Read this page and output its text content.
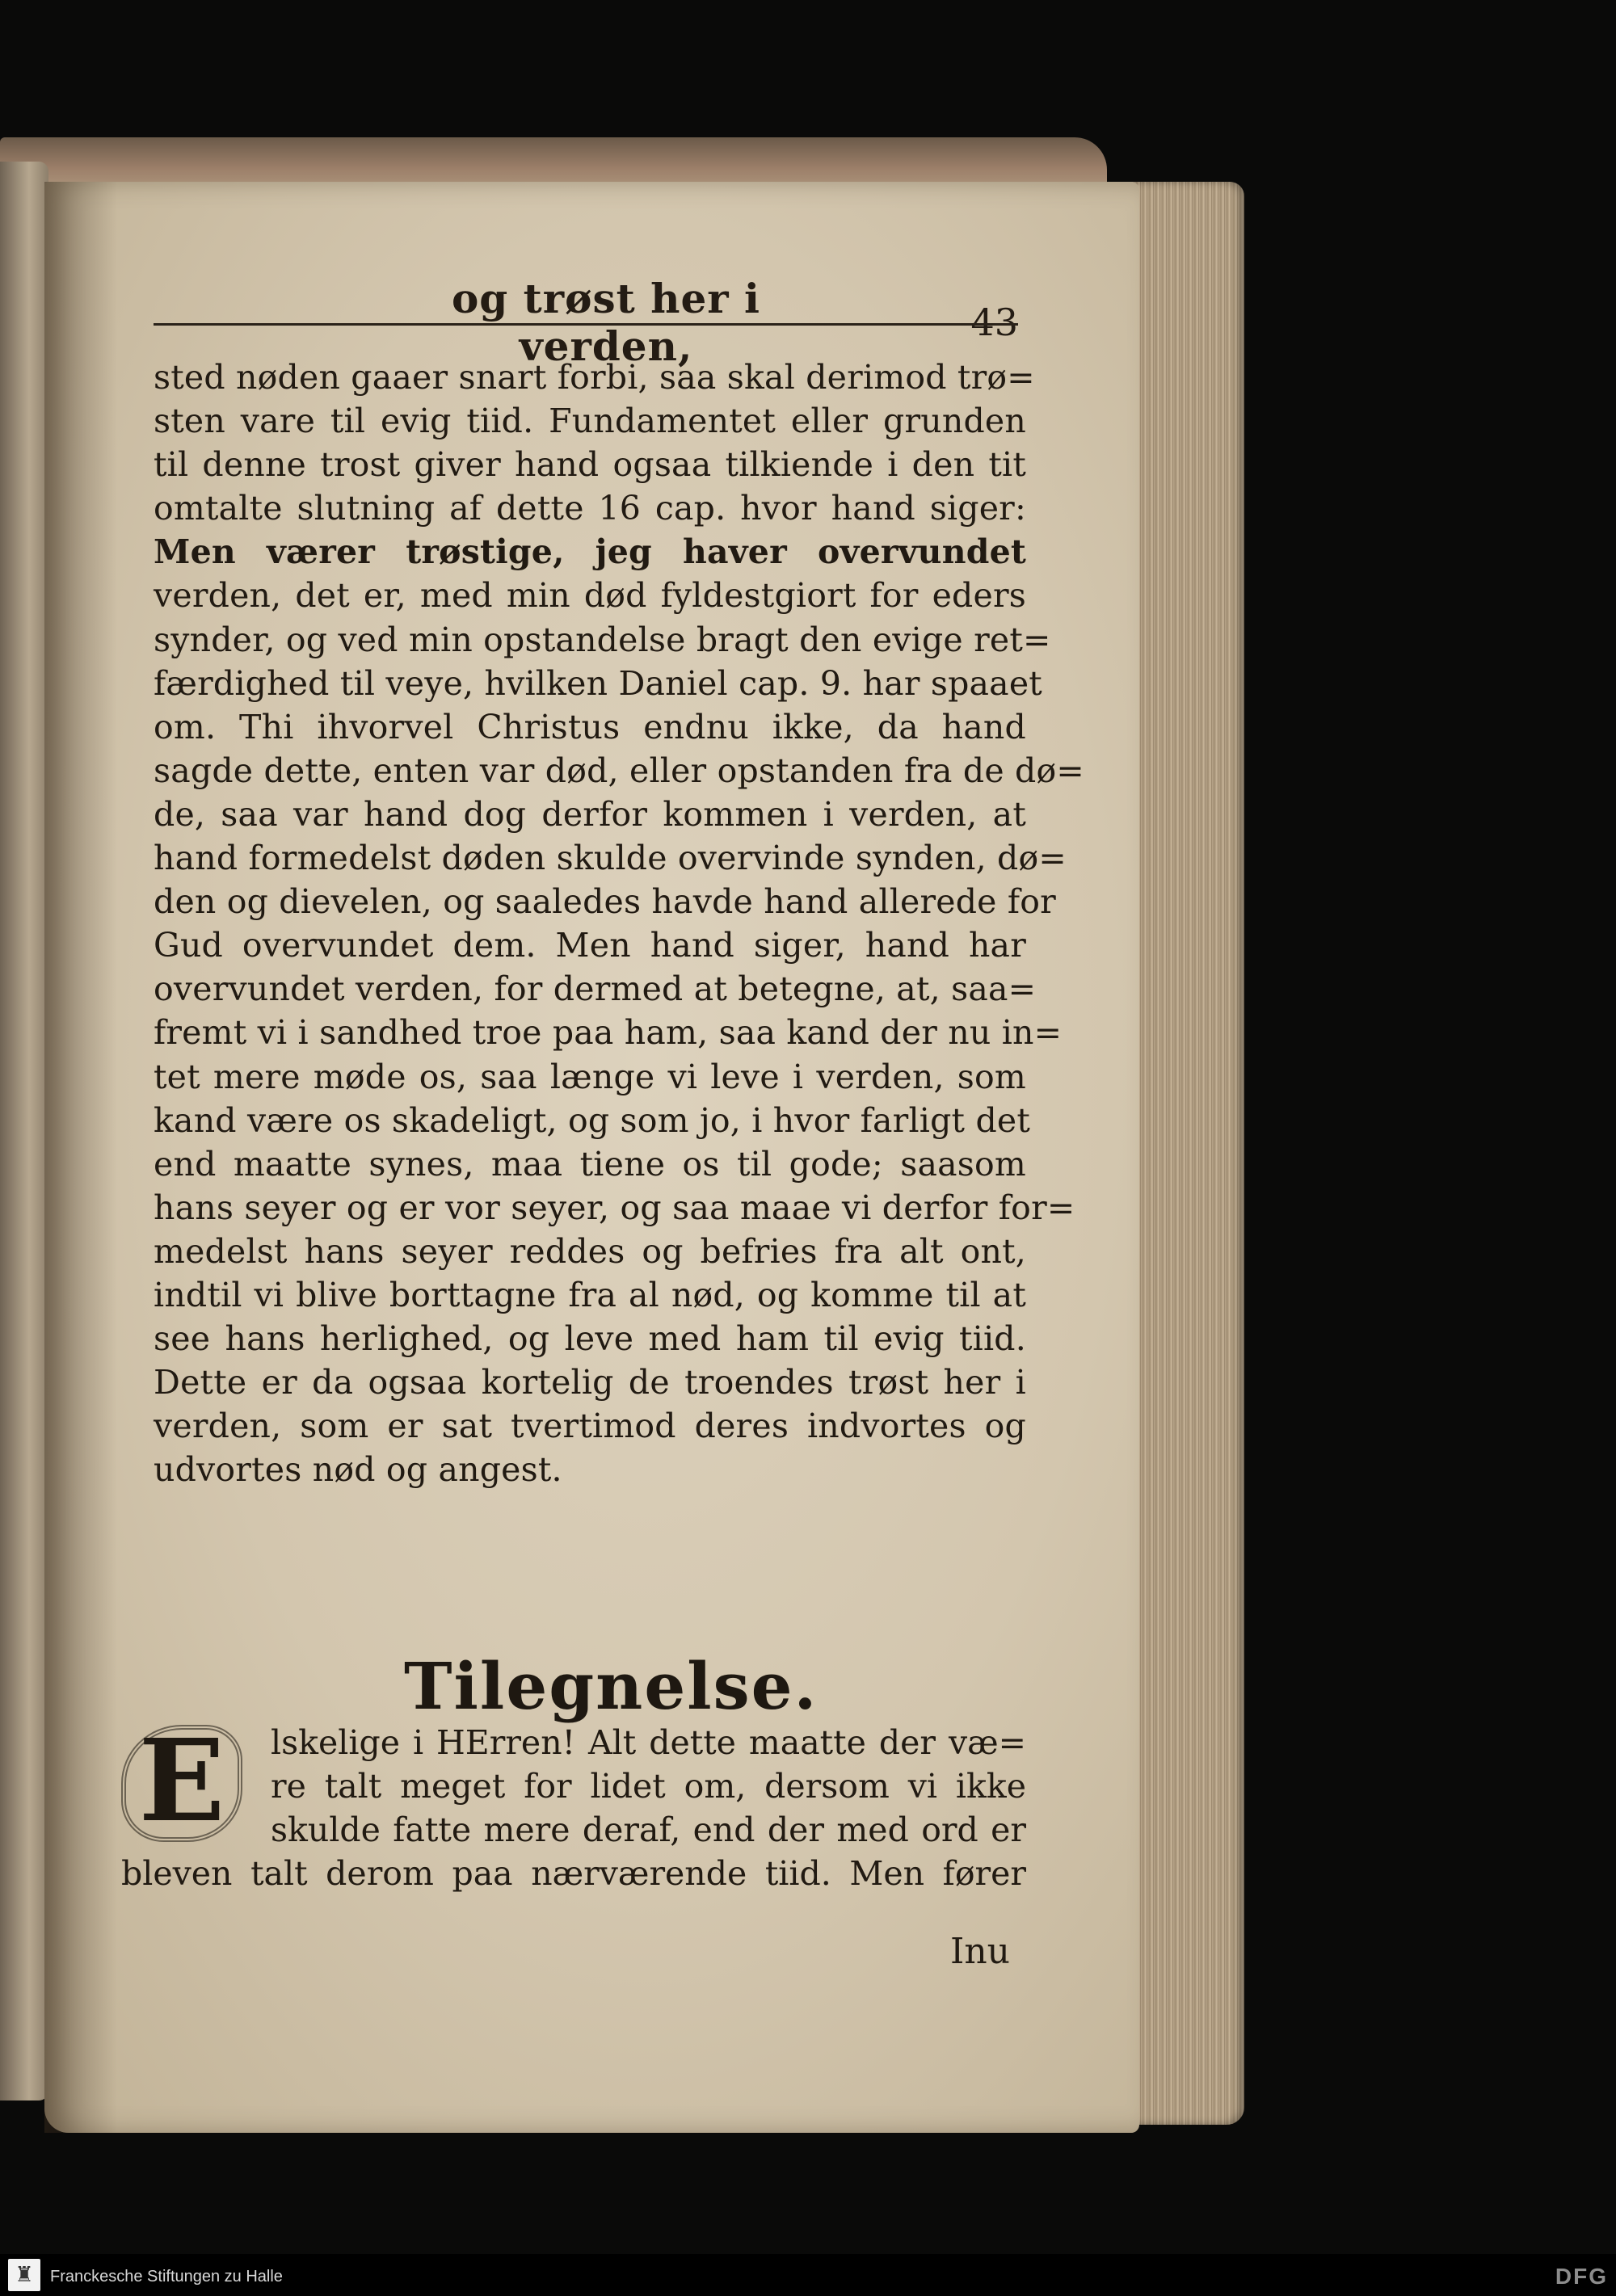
og trøst her i verden,	43
sted nøden gaaer snart forbi, saa skal derimod trø=
sten vare til evig tiid. Fundamentet eller grunden
til denne trost giver hand ogsaa tilkiende i den tit
omtalte slutning af dette 16 cap. hvor hand siger:
Men værer trøstige, jeg haver overvundet
verden, det er, med min død fyldestgiort for eders
synder, og ved min opstandelse bragt den evige ret=
færdighed til veye, hvilken Daniel cap. 9. har spaaet
om. Thi ihvorvel Christus endnu ikke, da hand
sagde dette, enten var død, eller opstanden fra de dø=
de, saa var hand dog derfor kommen i verden, at
hand formedelst døden skulde overvinde synden, dø=
den og dievelen, og saaledes havde hand allerede for
Gud overvundet dem. Men hand siger, hand har
overvundet verden, for dermed at betegne, at, saa=
fremt vi i sandhed troe paa ham, saa kand der nu in=
tet mere møde os, saa længe vi leve i verden, som
kand være os skadeligt, og som jo, i hvor farligt det
end maatte synes, maa tiene os til gode; saasom
hans seyer og er vor seyer, og saa maae vi derfor for=
medelst hans seyer reddes og befries fra alt ont,
indtil vi blive borttagne fra al nød, og komme til at
see hans herlighed, og leve med ham til evig tiid.
Dette er da ogsaa kortelig de troendes trøst her i
verden, som er sat tvertimod deres indvortes og
udvortes nød og angest.
Tilegnelse.
E	lskelige i HErren! Alt dette maatte der væ=
re talt meget for lidet om, dersom vi ikke
skulde fatte mere deraf, end der med ord er
bleven talt derom paa nærværende tiid. Men fører
Inu
♜	Franckesche Stiftungen zu Halle	DFG
